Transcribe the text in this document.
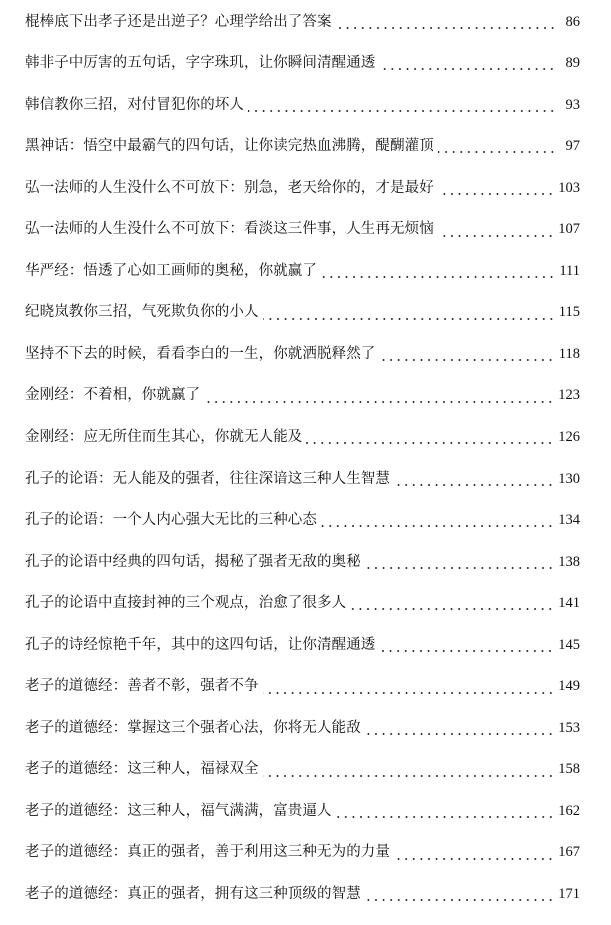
棍棒底下出孝子还是出逆子？心理学给出了答案	86
韩非子中厉害的五句话，字字珠玑，让你瞬间清醒通透	89
韩信教你三招，对付冒犯你的坏人	93
黑神话：悟空中最霸气的四句话，让你读完热血沸腾，醍醐灌顶	97
弘一法师的人生没什么不可放下：别急，老天给你的，才是最好	103
弘一法师的人生没什么不可放下：看淡这三件事，人生再无烦恼	107
华严经：悟透了心如工画师的奥秘，你就赢了	111
纪晓岚教你三招，气死欺负你的小人	115
坚持不下去的时候，看看李白的一生，你就洒脱释然了	118
金刚经：不着相，你就赢了	123
金刚经：应无所住而生其心，你就无人能及	126
孔子的论语：无人能及的强者，往往深谙这三种人生智慧	130
孔子的论语：一个人内心强大无比的三种心态	134
孔子的论语中经典的四句话，揭秘了强者无敌的奥秘	138
孔子的论语中直接封神的三个观点，治愈了很多人	141
孔子的诗经惊艳千年，其中的这四句话，让你清醒通透	145
老子的道德经：善者不彰，强者不争	149
老子的道德经：掌握这三个强者心法，你将无人能敌	153
老子的道德经：这三种人，福禄双全	158
老子的道德经：这三种人，福气满满，富贵逼人	162
老子的道德经：真正的强者，善于利用这三种无为的力量	167
老子的道德经：真正的强者，拥有这三种顶级的智慧	171
